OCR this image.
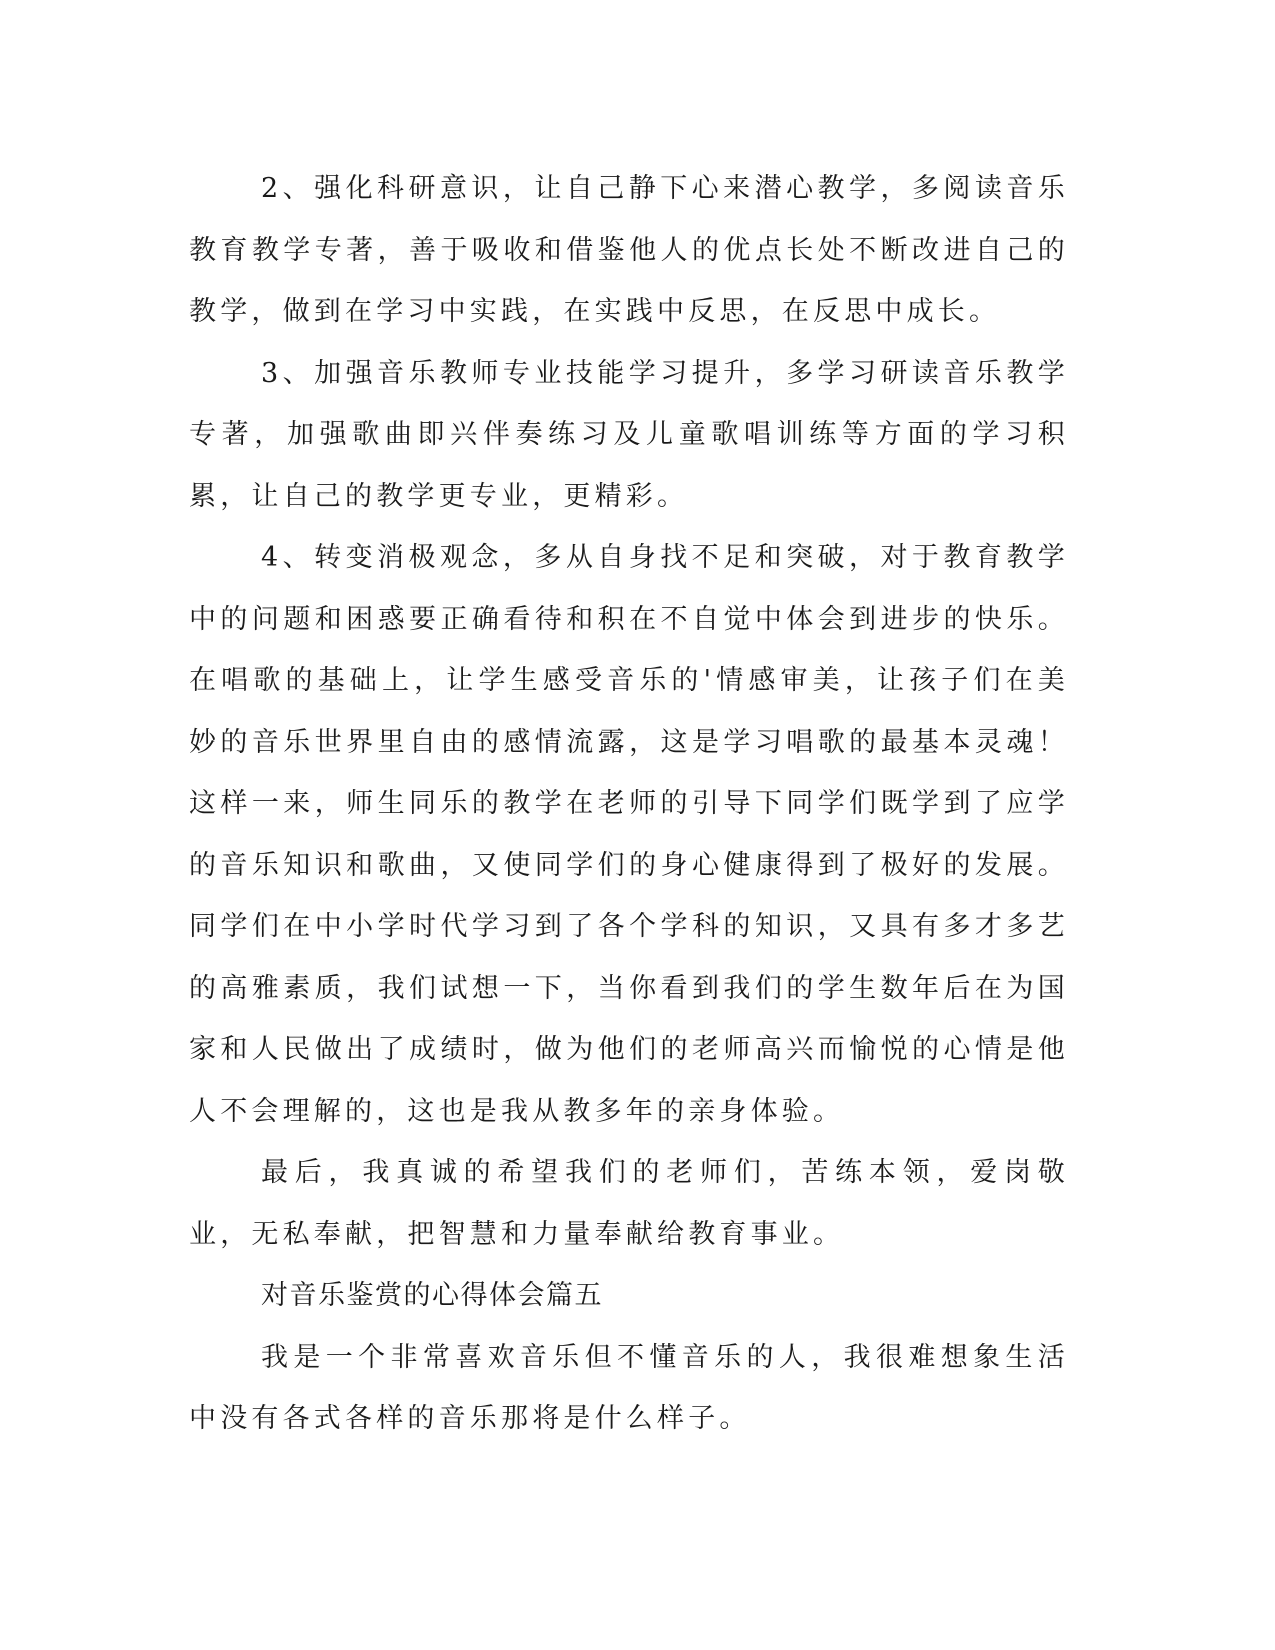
2、强化科研意识，让自己静下心来潜心教学，多阅读音乐教育教学专著，善于吸收和借鉴他人的优点长处不断改进自己的教学，做到在学习中实践，在实践中反思，在反思中成长。

3、加强音乐教师专业技能学习提升，多学习研读音乐教学专著，加强歌曲即兴伴奏练习及儿童歌唱训练等方面的学习积累，让自己的教学更专业，更精彩。

4、转变消极观念，多从自身找不足和突破，对于教育教学中的问题和困惑要正确看待和积在不自觉中体会到进步的快乐。在唱歌的基础上，让学生感受音乐的'情感审美，让孩子们在美妙的音乐世界里自由的感情流露，这是学习唱歌的最基本灵魂！这样一来，师生同乐的教学在老师的引导下同学们既学到了应学的音乐知识和歌曲，又使同学们的身心健康得到了极好的发展。同学们在中小学时代学习到了各个学科的知识，又具有多才多艺的高雅素质，我们试想一下，当你看到我们的学生数年后在为国家和人民做出了成绩时，做为他们的老师高兴而愉悦的心情是他人不会理解的，这也是我从教多年的亲身体验。

最后，我真诚的希望我们的老师们，苦练本领，爱岗敬业，无私奉献，把智慧和力量奉献给教育事业。

对音乐鉴赏的心得体会篇五

我是一个非常喜欢音乐但不懂音乐的人，我很难想象生活中没有各式各样的音乐那将是什么样子。
